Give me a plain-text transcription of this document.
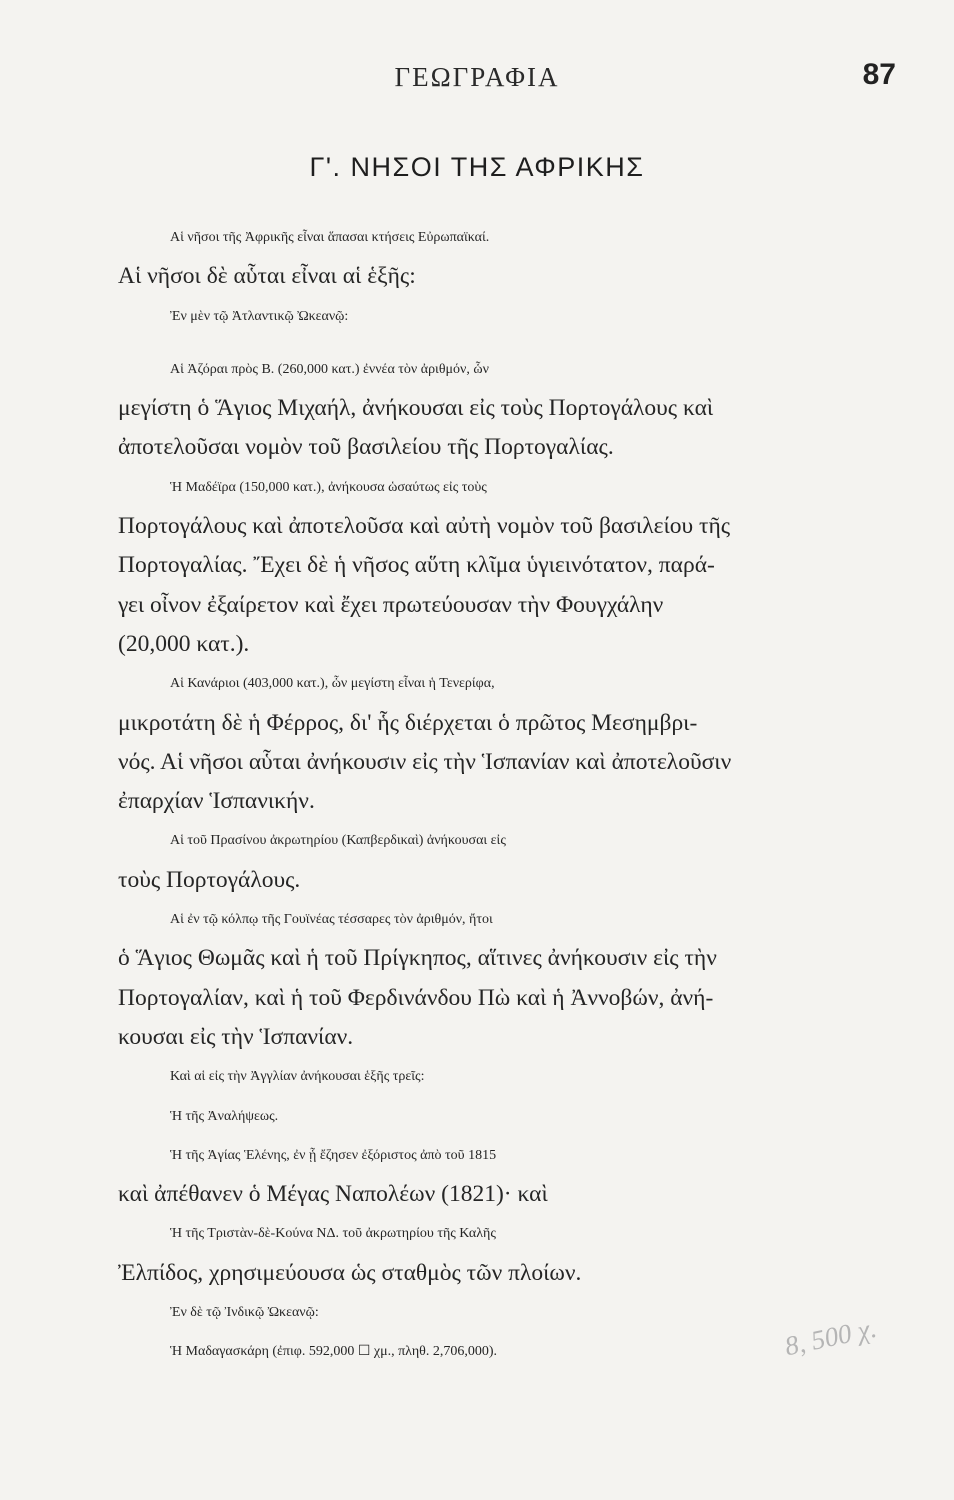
ΓΕΩΓΡΑΦΙΑ	87
Γ'. ΝΗΣΟΙ ΤΗΣ ΑΦΡΙΚΗΣ
Αἱ νῆσοι τῆς Ἀφρικῆς εἶναι ἅπασαι κτήσεις Εὐρωπαϊκαί.
Αἱ νῆσοι δὲ αὗται εἶναι αἱ ἑξῆς:
Ἐν μὲν τῷ Ἀτλαντικῷ Ὠκεανῷ:
Αἱ Ἀζόραι πρὸς Β. (260,000 κατ.) ἐννέα τὸν ἀριθμόν, ὧν
μεγίστη ὁ Ἅγιος Μιχαήλ, ἀνήκουσαι εἰς τοὺς Πορτογάλους καὶ
ἀποτελοῦσαι νομὸν τοῦ βασιλείου τῆς Πορτογαλίας.
Ἡ Μαδέϊρα (150,000 κατ.), ἀνήκουσα ὡσαύτως εἰς τοὺς
Πορτογάλους καὶ ἀποτελοῦσα καὶ αὐτὴ νομὸν τοῦ βασιλείου τῆς
Πορτογαλίας. Ἔχει δὲ ἡ νῆσος αὕτη κλῖμα ὑγιεινότατον, παρά-
γει οἶνον ἐξαίρετον καὶ ἔχει πρωτεύουσαν τὴν Φουγχάλην
(20,000 κατ.).
Αἱ Κανάριοι (403,000 κατ.), ὧν μεγίστη εἶναι ἡ Τενερίφα,
μικροτάτη δὲ ἡ Φέρρος, δι' ἧς διέρχεται ὁ πρῶτος Μεσημβρι-
νός. Αἱ νῆσοι αὗται ἀνήκουσιν εἰς τὴν Ἱσπανίαν καὶ ἀποτελοῦσιν
ἐπαρχίαν Ἱσπανικήν.
Αἱ τοῦ Πρασίνου ἀκρωτηρίου (Καπβερδικαὶ) ἀνήκουσαι εἰς
τοὺς Πορτογάλους.
Αἱ ἐν τῷ κόλπῳ τῆς Γουϊνέας τέσσαρες τὸν ἀριθμόν, ἤτοι
ὁ Ἅγιος Θωμᾶς καὶ ἡ τοῦ Πρίγκηπος, αἵτινες ἀνήκουσιν εἰς τὴν
Πορτογαλίαν, καὶ ἡ τοῦ Φερδινάνδου Πὼ καὶ ἡ Ἀννοβών, ἀνή-
κουσαι εἰς τὴν Ἱσπανίαν.
Καὶ αἱ εἰς τὴν Ἀγγλίαν ἀνήκουσαι ἑξῆς τρεῖς:
Ἡ τῆς Ἀναλήψεως.
Ἡ τῆς Ἁγίας Ἑλένης, ἐν ᾗ ἔζησεν ἐξόριστος ἀπὸ τοῦ 1815
καὶ ἀπέθανεν ὁ Μέγας Ναπολέων (1821)· καὶ
Ἡ τῆς Τριστὰν-δὲ-Κούνα ΝΔ. τοῦ ἀκρωτηρίου τῆς Καλῆς
Ἐλπίδος, χρησιμεύουσα ὡς σταθμὸς τῶν πλοίων.
Ἐν δὲ τῷ Ἰνδικῷ Ὠκεανῷ:
Ἡ Μαδαγασκάρη (ἐπιφ. 592,000 ☐ χμ., πληθ. 2,706,000).	8, 500 χ.
